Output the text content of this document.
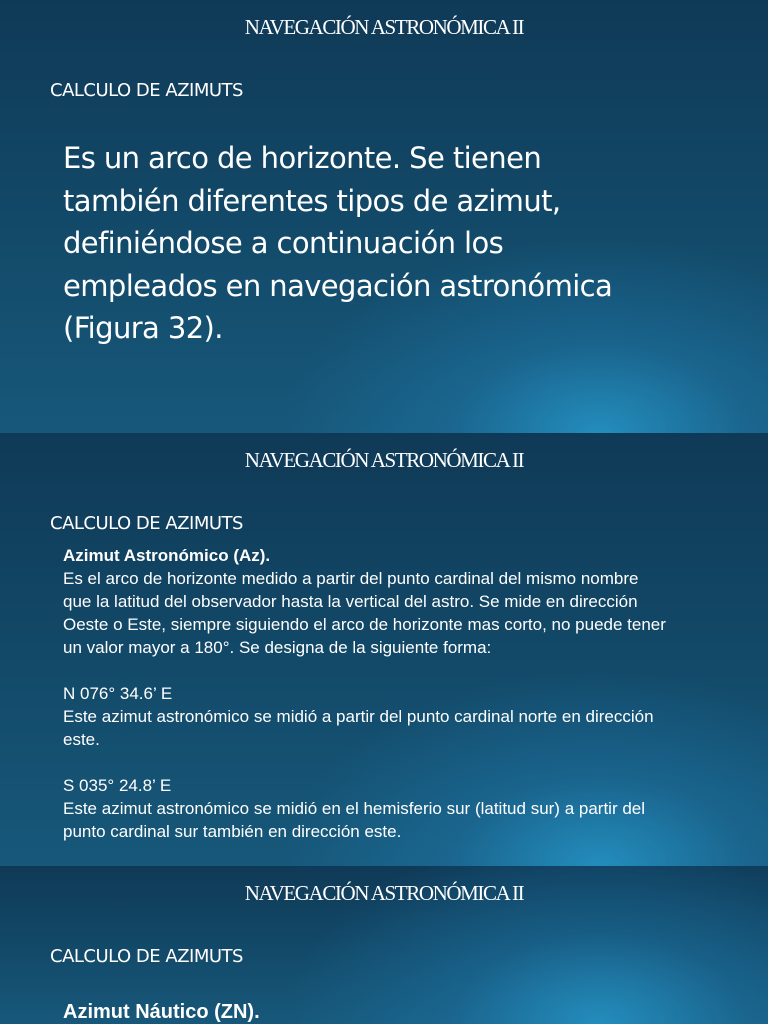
NAVEGACIÓN ASTRONÓMICA II
CALCULO DE AZIMUTS
Es un arco de horizonte. Se tienen
también diferentes tipos de azimut,
definiéndose a continuación los
empleados en navegación astronómica
(Figura 32).
NAVEGACIÓN ASTRONÓMICA II
CALCULO DE AZIMUTS

Azimut Astronómico (Az).

Es el arco de horizonte medido a partir del punto cardinal del mismo nombre

que la latitud del observador hasta la vertical del astro. Se mide en dirección

Oeste o Este, siempre siguiendo el arco de horizonte mas corto, no puede tener

un valor mayor a 180°. Se designa de la siguiente forma:

N 076° 34.6’ E

Este azimut astronómico se midió a partir del punto cardinal norte en dirección

este.

S 035° 24.8’ E

Este azimut astronómico se midió en el hemisferio sur (latitud sur) a partir del

punto cardinal sur también en dirección este.

NAVEGACIÓN ASTRONÓMICA II
CALCULO DE AZIMUTS
Azimut Náutico (ZN).
